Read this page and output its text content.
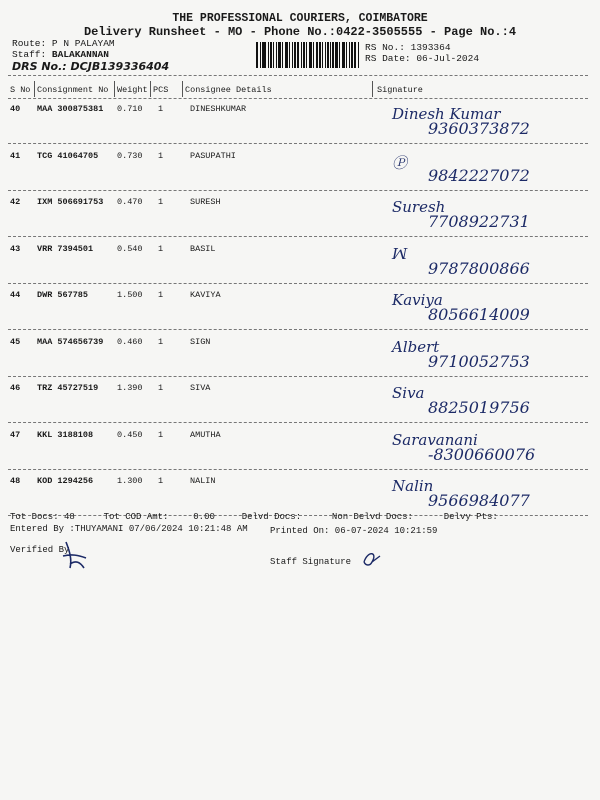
THE PROFESSIONAL COURIERS, COIMBATORE
Delivery Runsheet - MO - Phone No.:0422-3505555 - Page No.:4
Route: P N PALAYAM
Staff: BALAKANNAN
DRS No.: DCJB139336404
RS No.: 1393364
RS Date: 06-Jul-2024
S No Consignment No Weight PCS Consignee Details	Signature
40 MAA 300875381 0.710 1	DINESHKUMAR	Dinesh Kumar
9360373872
41 TCG 41064705 0.730 1	PASUPATHI	Ⓟ
9842227072
42 IXM 506691753 0.470 1	SURESH	Suresh
7708922731
43 VRR 7394501	0.540 1	BASIL	ꟽ
9787800866
44 DWR 567785	1.500 1	KAVIYA	Kaviya
8056614009
45 MAA 574656739 0.460 1	SIGN	Albert
9710052753
46 TRZ 45727519 1.390 1	SIVA	Siva
8825019756
47 KKL 3188108	0.450 1	AMUTHA	Saravanani
-8300660076
48 KOD 1294256	1.300 1	NALIN	Nalin
9566984077
Tot Docs: 48	Tot COD Amt:	0.00	Delvd Docs:	Non Delvd Docs:	Delvy Pts:
Entered By :THUYAMANI 07/06/2024 10:21:48 AM Printed On: 06-07-2024 10:21:59
Verified By
Staff Signature
